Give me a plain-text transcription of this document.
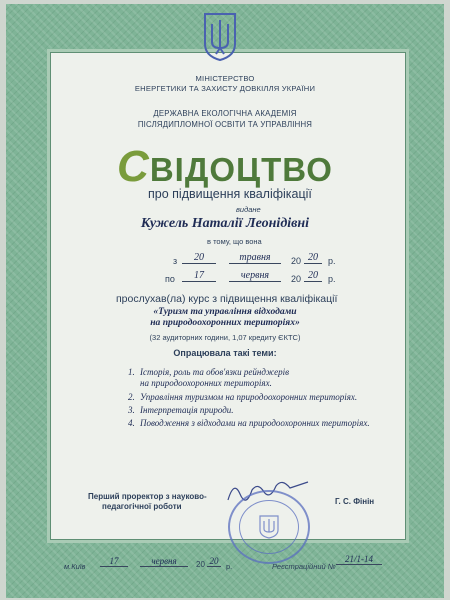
МІНІСТЕРСТВО
ЕНЕРГЕТИКИ ТА ЗАХИСТУ ДОВКІЛЛЯ УКРАЇНИ
ДЕРЖАВНА ЕКОЛОГІЧНА АКАДЕМІЯ
ПІСЛЯДИПЛОМНОЇ ОСВІТИ ТА УПРАВЛІННЯ
СВІДОЦТВО
про підвищення кваліфікації
видане
Кужель Наталії Леонідівні
в тому, що вона
з	20	травня	20 20	р.
по	17	червня	20 20	р.
прослухав(ла) курс з підвищення кваліфікації
«Туризм та управління відходами
на природоохоронних територіях»
(32 аудиторних години, 1,07 кредиту ЄКТС)
Опрацювала такі теми:
1. Історія, роль та обов'язки рейнджерів
на природоохоронних територіях.
2. Управління туризмом на природоохоронних територіях.
3. Інтерпретація природи.
4. Поводження з відходами на природоохоронних територіях.
Перший проректор з науково-
педагогічної роботи
Г. С. Фінін
м.Київ
17	червня	20 20
р.	Реєстраційний №
21/1-14
